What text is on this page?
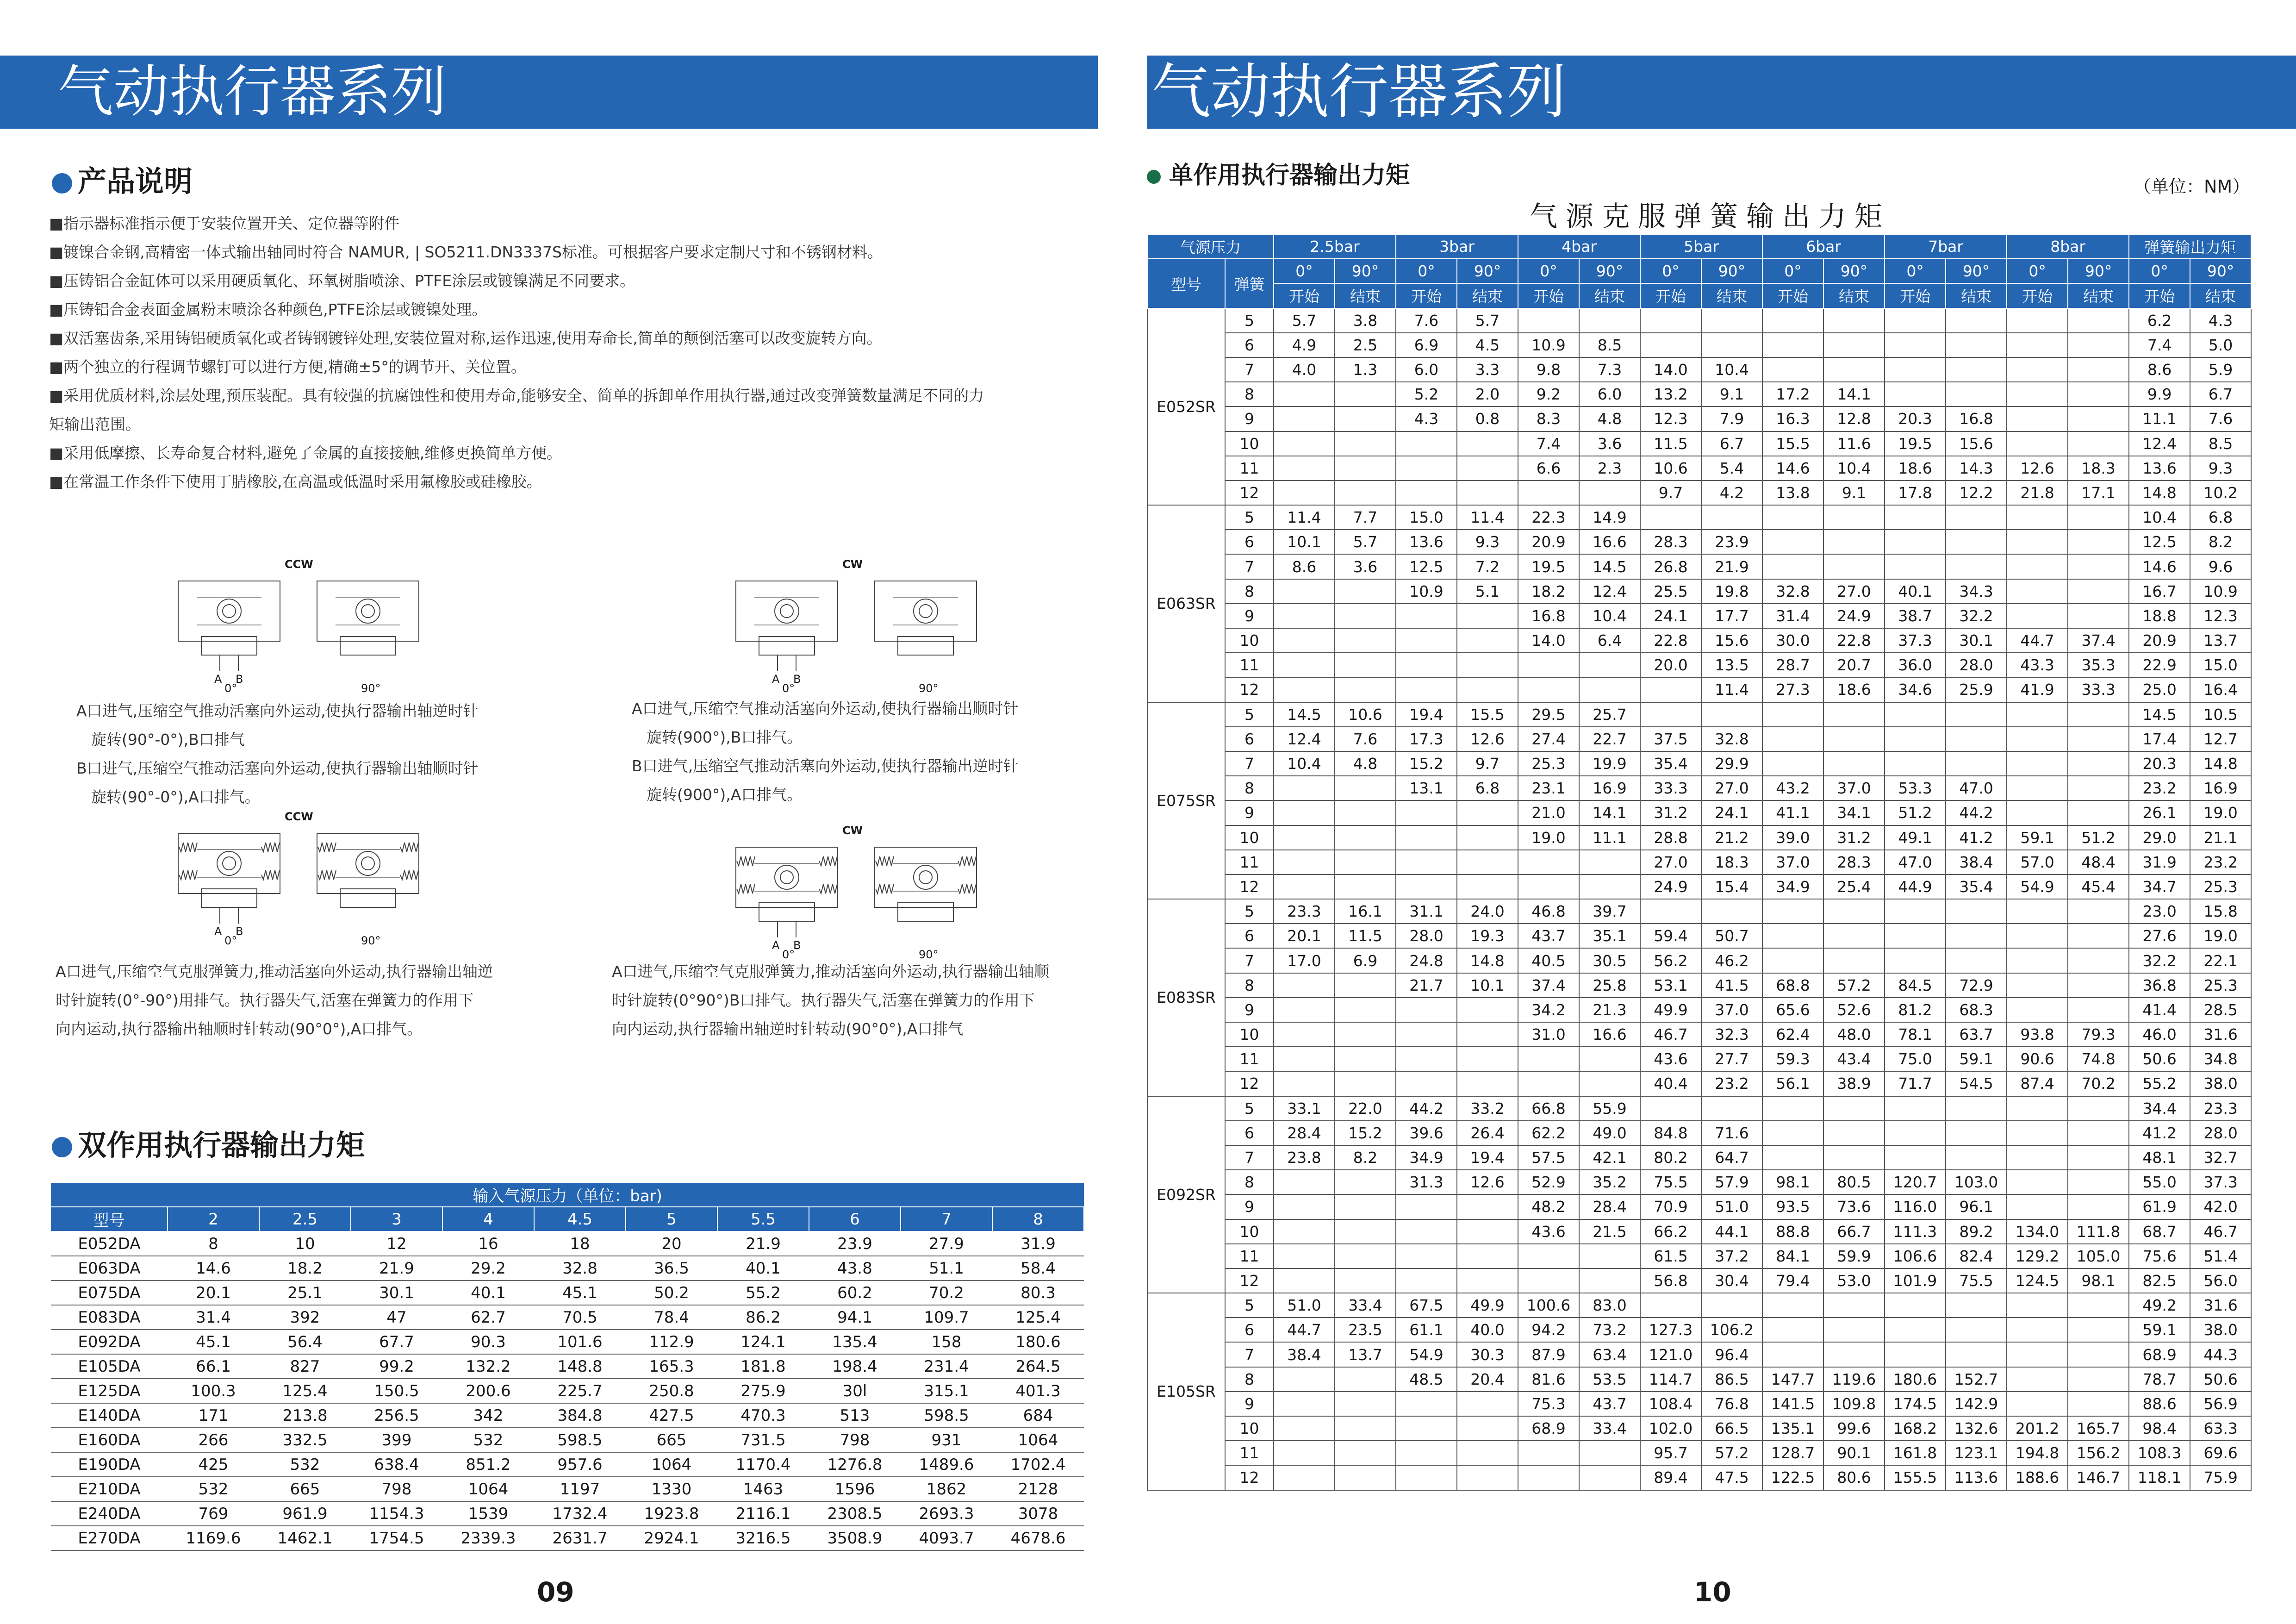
气动执行器系列	气动执行器系列
产品说明
■指示器标准指示便于安装位置开关、定位器等附件
■镀镍合金钢,高精密一体式输出轴同时符合 NAMUR, | SO5211.DN3337S标准。可根据客户要求定制尺寸和不锈钢材料。
■压铸铝合金缸体可以采用硬质氧化、环氧树脂喷涂、PTFE涂层或镀镍满足不同要求。
■压铸铝合金表面金属粉末喷涂各种颜色,PTFE涂层或镀镍处理。
■双活塞齿条,采用铸铝硬质氧化或者铸钢镀锌处理,安装位置对称,运作迅速,使用寿命长,简单的颠倒活塞可以改变旋转方向。
■两个独立的行程调节螺钉可以进行方便,精确±5°的调节开、关位置。
■采用优质材料,涂层处理,预压装配。具有较强的抗腐蚀性和使用寿命,能够安全、简单的拆卸单作用执行器,通过改变弹簧数量满足不同的力
矩输出范围。
■采用低摩擦、长寿命复合材料,避免了金属的直接接触,维修更换简单方便。
■在常温工作条件下使用丁腈橡胶,在高温或低温时采用氟橡胶或硅橡胶。
CCW
A B
0°	90°
CW
A B
0°	90°
CCW
A B
0°	90°
CW
A B
0°	90°
A口进气,压缩空气推动活塞向外运动,使执行器输出轴逆时针
旋转(90°-0°),B口排气
B口进气,压缩空气推动活塞向外运动,使执行器输出轴顺时针
旋转(90°-0°),A口排气。
A口进气,压缩空气推动活塞向外运动,使执行器输出顺时针
旋转(900°),B口排气。
B口进气,压缩空气推动活塞向外运动,使执行器输出逆时针
旋转(900°),A口排气。
A口进气,压缩空气克服弹簧力,推动活塞向外运动,执行器输出轴逆
时针旋转(0°-90°)用排气。执行器失气,活塞在弹簧力的作用下
向内运动,执行器输出轴顺时针转动(90°0°),A口排气。
A口进气,压缩空气克服弹簧力,推动活塞向外运动,执行器输出轴顺
时针旋转(0°90°)B口排气。执行器失气,活塞在弹簧力的作用下
向内运动,执行器输出轴逆时针转动(90°0°),A口排气
双作用执行器输出力矩
输入气源压力（单位：bar)										
型号	2	2.5	3	4	4.5	5	5.5	6	7	8
E052DA	8	10	12	16	18	20	21.9	23.9	27.9	31.9
E063DA	14.6	18.2	21.9	29.2	32.8	36.5	40.1	43.8	51.1	58.4
E075DA	20.1	25.1	30.1	40.1	45.1	50.2	55.2	60.2	70.2	80.3
E083DA	31.4	392	47	62.7	70.5	78.4	86.2	94.1	109.7	125.4
E092DA	45.1	56.4	67.7	90.3	101.6	112.9	124.1	135.4	158	180.6
E105DA	66.1	827	99.2	132.2	148.8	165.3	181.8	198.4	231.4	264.5
E125DA	100.3	125.4	150.5	200.6	225.7	250.8	275.9	30l	315.1	401.3
E140DA	171	213.8	256.5	342	384.8	427.5	470.3	513	598.5	684
E160DA	266	332.5	399	532	598.5	665	731.5	798	931	1064
E190DA	425	532	638.4	851.2	957.6	1064	1170.4	1276.8	1489.6	1702.4
E210DA	532	665	798	1064	1197	1330	1463	1596	1862	2128
E240DA	769	961.9	1154.3	1539	1732.4	1923.8	2116.1	2308.5	2693.3	3078
E270DA	1169.6	1462.1	1754.5	2339.3	2631.7	2924.1	3216.5	3508.9	4093.7	4678.6
09
单作用执行器输出力矩	（单位：NM）
气源克服弹簧输出力矩
气源压力		2.5bar		3bar		4bar		5bar		6bar		7bar		8bar		弹簧输出力矩	
型号	弹簧	0°	90°	0°	90°	0°	90°	0°	90°	0°	90°	0°	90°	0°	90°	0°	90°
		开始	结束	开始	结束	开始	结束	开始	结束	开始	结束	开始	结束	开始	结束	开始	结束
E052SR	5	5.7	3.8	7.6	5.7											6.2	4.3
	6	4.9	2.5	6.9	4.5	10.9	8.5									7.4	5.0
	7	4.0	1.3	6.0	3.3	9.8	7.3	14.0	10.4							8.6	5.9
	8			5.2	2.0	9.2	6.0	13.2	9.1	17.2	14.1					9.9	6.7
	9			4.3	0.8	8.3	4.8	12.3	7.9	16.3	12.8	20.3	16.8			11.1	7.6
	10					7.4	3.6	11.5	6.7	15.5	11.6	19.5	15.6			12.4	8.5
	11					6.6	2.3	10.6	5.4	14.6	10.4	18.6	14.3	12.6	18.3	13.6	9.3
	12							9.7	4.2	13.8	9.1	17.8	12.2	21.8	17.1	14.8	10.2
E063SR	5	11.4	7.7	15.0	11.4	22.3	14.9									10.4	6.8
	6	10.1	5.7	13.6	9.3	20.9	16.6	28.3	23.9							12.5	8.2
	7	8.6	3.6	12.5	7.2	19.5	14.5	26.8	21.9							14.6	9.6
	8			10.9	5.1	18.2	12.4	25.5	19.8	32.8	27.0	40.1	34.3			16.7	10.9
	9					16.8	10.4	24.1	17.7	31.4	24.9	38.7	32.2			18.8	12.3
	10					14.0	6.4	22.8	15.6	30.0	22.8	37.3	30.1	44.7	37.4	20.9	13.7
	11							20.0	13.5	28.7	20.7	36.0	28.0	43.3	35.3	22.9	15.0
	12								11.4	27.3	18.6	34.6	25.9	41.9	33.3	25.0	16.4
E075SR	5	14.5	10.6	19.4	15.5	29.5	25.7									14.5	10.5
	6	12.4	7.6	17.3	12.6	27.4	22.7	37.5	32.8							17.4	12.7
	7	10.4	4.8	15.2	9.7	25.3	19.9	35.4	29.9							20.3	14.8
	8			13.1	6.8	23.1	16.9	33.3	27.0	43.2	37.0	53.3	47.0			23.2	16.9
	9					21.0	14.1	31.2	24.1	41.1	34.1	51.2	44.2			26.1	19.0
	10					19.0	11.1	28.8	21.2	39.0	31.2	49.1	41.2	59.1	51.2	29.0	21.1
	11							27.0	18.3	37.0	28.3	47.0	38.4	57.0	48.4	31.9	23.2
	12							24.9	15.4	34.9	25.4	44.9	35.4	54.9	45.4	34.7	25.3
E083SR	5	23.3	16.1	31.1	24.0	46.8	39.7									23.0	15.8
	6	20.1	11.5	28.0	19.3	43.7	35.1	59.4	50.7							27.6	19.0
	7	17.0	6.9	24.8	14.8	40.5	30.5	56.2	46.2							32.2	22.1
	8			21.7	10.1	37.4	25.8	53.1	41.5	68.8	57.2	84.5	72.9			36.8	25.3
	9					34.2	21.3	49.9	37.0	65.6	52.6	81.2	68.3			41.4	28.5
	10					31.0	16.6	46.7	32.3	62.4	48.0	78.1	63.7	93.8	79.3	46.0	31.6
	11							43.6	27.7	59.3	43.4	75.0	59.1	90.6	74.8	50.6	34.8
	12							40.4	23.2	56.1	38.9	71.7	54.5	87.4	70.2	55.2	38.0
E092SR	5	33.1	22.0	44.2	33.2	66.8	55.9									34.4	23.3
	6	28.4	15.2	39.6	26.4	62.2	49.0	84.8	71.6							41.2	28.0
	7	23.8	8.2	34.9	19.4	57.5	42.1	80.2	64.7							48.1	32.7
	8			31.3	12.6	52.9	35.2	75.5	57.9	98.1	80.5	120.7	103.0			55.0	37.3
	9					48.2	28.4	70.9	51.0	93.5	73.6	116.0	96.1			61.9	42.0
	10					43.6	21.5	66.2	44.1	88.8	66.7	111.3	89.2	134.0	111.8	68.7	46.7
	11							61.5	37.2	84.1	59.9	106.6	82.4	129.2	105.0	75.6	51.4
	12							56.8	30.4	79.4	53.0	101.9	75.5	124.5	98.1	82.5	56.0
E105SR	5	51.0	33.4	67.5	49.9	100.6	83.0									49.2	31.6
	6	44.7	23.5	61.1	40.0	94.2	73.2	127.3	106.2							59.1	38.0
	7	38.4	13.7	54.9	30.3	87.9	63.4	121.0	96.4							68.9	44.3
	8			48.5	20.4	81.6	53.5	114.7	86.5	147.7	119.6	180.6	152.7			78.7	50.6
	9					75.3	43.7	108.4	76.8	141.5	109.8	174.5	142.9			88.6	56.9
	10					68.9	33.4	102.0	66.5	135.1	99.6	168.2	132.6	201.2	165.7	98.4	63.3
	11							95.7	57.2	128.7	90.1	161.8	123.1	194.8	156.2	108.3	69.6
	12							89.4	47.5	122.5	80.6	155.5	113.6	188.6	146.7	118.1	75.9
10
